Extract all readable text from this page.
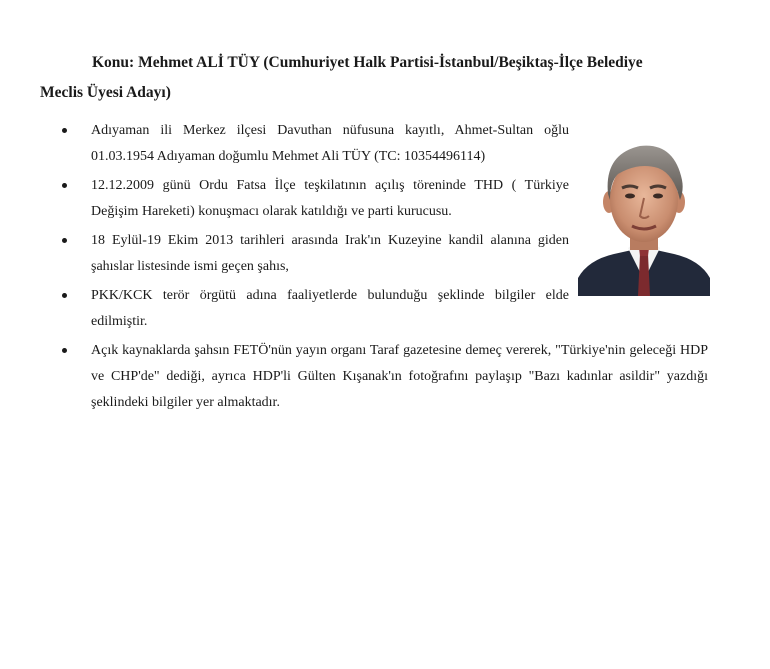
Konu: Mehmet ALİ TÜY (Cumhuriyet Halk Partisi-İstanbul/Beşiktaş-İlçe Belediye
Meclis Üyesi Adayı)

Adıyaman ili Merkez ilçesi Davuthan nüfusuna kayıtlı, Ahmet-Sultan oğlu 01.03.1954 Adıyaman doğumlu Mehmet Ali TÜY (TC: 10354496114)
12.12.2009 günü Ordu Fatsa İlçe teşkilatının açılış töreninde THD ( Türkiye Değişim Hareketi) konuşmacı olarak katıldığı ve parti kurucusu.
18 Eylül-19 Ekim 2013 tarihleri arasında Irak'ın Kuzeyine kandil alanına giden şahıslar listesinde ismi geçen şahıs,
PKK/KCK terör örgütü adına faaliyetlerde bulunduğu şeklinde bilgiler elde edilmiştir.
Açık kaynaklarda şahsın FETÖ'nün yayın organı Taraf gazetesine demeç vererek, "Türkiye'nin geleceği HDP ve CHP'de" dediği, ayrıca HDP'li Gülten Kışanak'ın fotoğrafını paylaşıp "Bazı kadınlar asildir" yazdığı şeklindeki bilgiler yer almaktadır.
